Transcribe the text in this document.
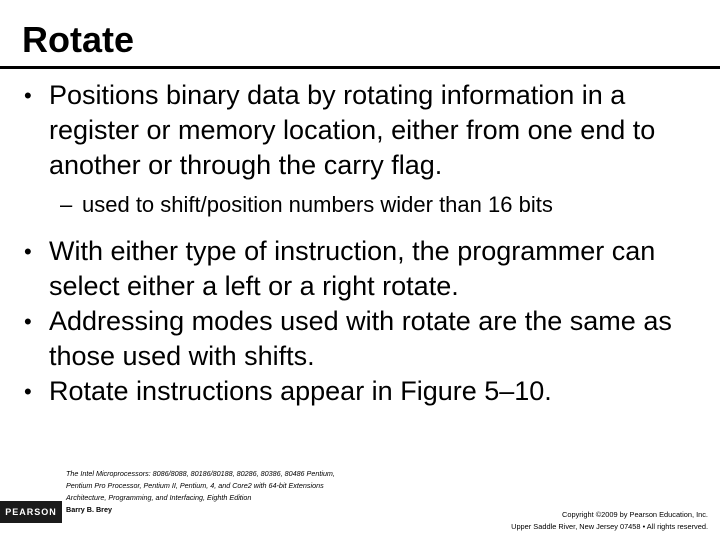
Rotate
• Positions binary data by rotating information in a register or memory location, either from one end to another or through the carry flag.
– used to shift/position numbers wider than 16 bits
• With either type of instruction, the programmer can select either a left or a right rotate.
• Addressing modes used with rotate are the same as those used with shifts.
• Rotate instructions appear in Figure 5–10.
PEARSON
The Intel Microprocessors: 8086/8088, 80186/80188, 80286, 80386, 80486 Pentium,
Pentium Pro Processor, Pentium II, Pentium, 4, and Core2 with 64-bit Extensions
Architecture, Programming, and Interfacing, Eighth Edition
Barry B. Brey
Copyright ©2009 by Pearson Education, Inc.
Upper Saddle River, New Jersey 07458 • All rights reserved.
